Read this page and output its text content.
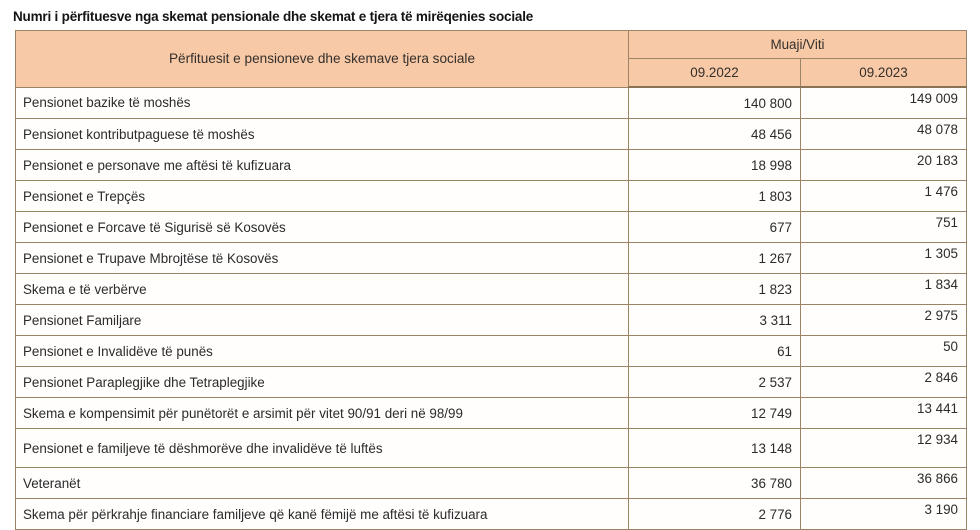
Numri i përfituesve nga skemat pensionale dhe skemat e tjera të mirëqenies sociale
Përfituesit e pensioneve dhe skemave tjera sociale	Muaji/Viti	
	09.2022	09.2023
Pensionet bazike të moshës	140 800	149 009
Pensionet kontributpaguese të moshës	48 456	48 078
Pensionet e personave me aftësi të kufizuara	18 998	20 183
Pensionet e Trepçës	1 803	1 476
Pensionet e Forcave të Sigurisë së Kosovës	677	751
Pensionet e Trupave Mbrojtëse të Kosovës	1 267	1 305
Skema e të verbërve	1 823	1 834
Pensionet Familjare	3 311	2 975
Pensionet e Invalidëve të punës	61	50
Pensionet Paraplegjike dhe Tetraplegjike	2 537	2 846
Skema e kompensimit për punëtorët e arsimit për vitet 90/91 deri në 98/99	12 749	13 441
Pensionet e familjeve të dëshmorëve dhe invalidëve të luftës	13 148	12 934
Veteranët	36 780	36 866
Skema për përkrahje financiare familjeve që kanë fëmijë me aftësi të kufizuara	2 776	3 190
